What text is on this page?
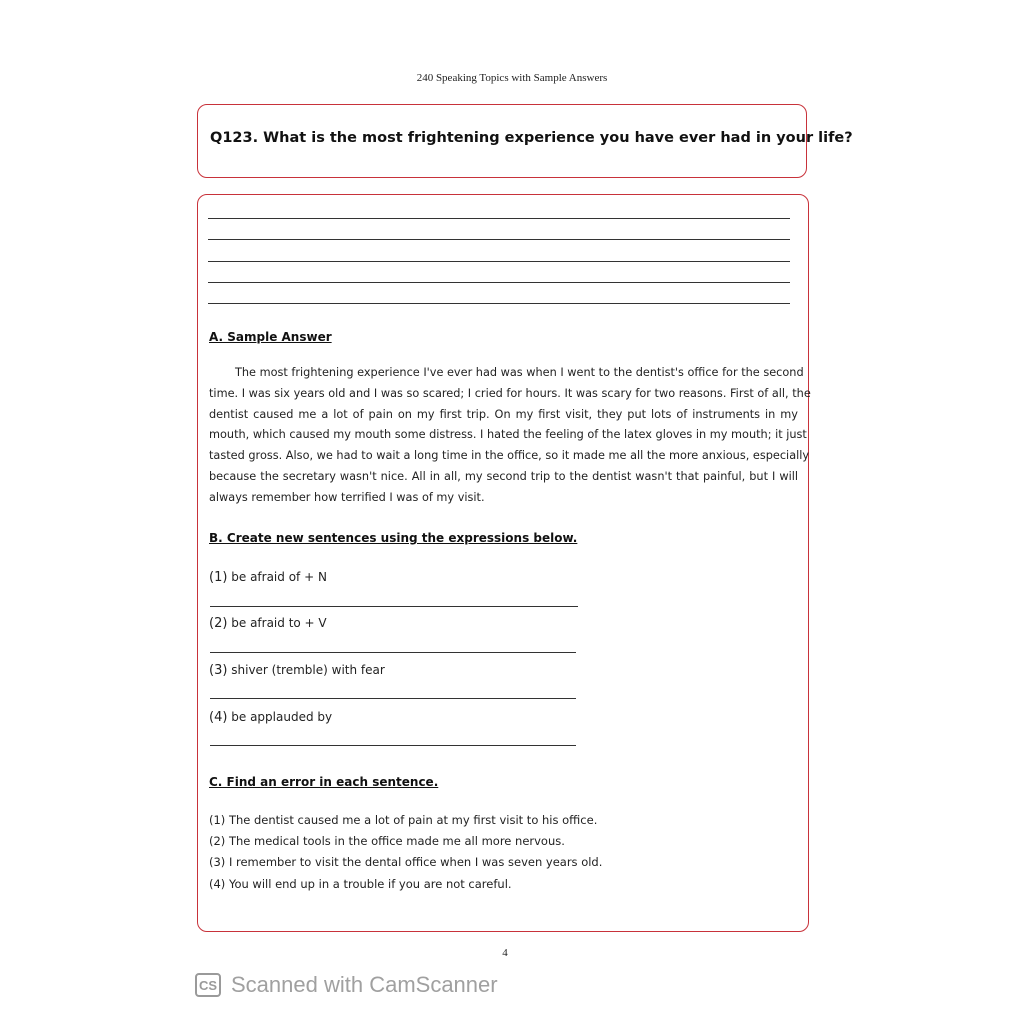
240 Speaking Topics with Sample Answers
Q123. What is the most frightening experience you have ever had in your life?
A. Sample Answer
The most frightening experience I've ever had was when I went to the dentist's office for the second
time. I was six years old and I was so scared; I cried for hours. It was scary for two reasons. First of all, the
dentist caused me a lot of pain on my first trip. On my first visit, they put lots of instruments in my
mouth, which caused my mouth some distress. I hated the feeling of the latex gloves in my mouth; it just
tasted gross. Also, we had to wait a long time in the office, so it made me all the more anxious, especially
because the secretary wasn't nice. All in all, my second trip to the dentist wasn't that painful, but I will
always remember how terrified I was of my visit.
B. Create new sentences using the expressions below.
(1) be afraid of + N
(2) be afraid to + V
(3) shiver (tremble) with fear
(4) be applauded by
C. Find an error in each sentence.
(1) The dentist caused me a lot of pain at my first visit to his office.
(2) The medical tools in the office made me all more nervous.
(3) I remember to visit the dental office when I was seven years old.
(4) You will end up in a trouble if you are not careful.
4
CS Scanned with CamScanner
